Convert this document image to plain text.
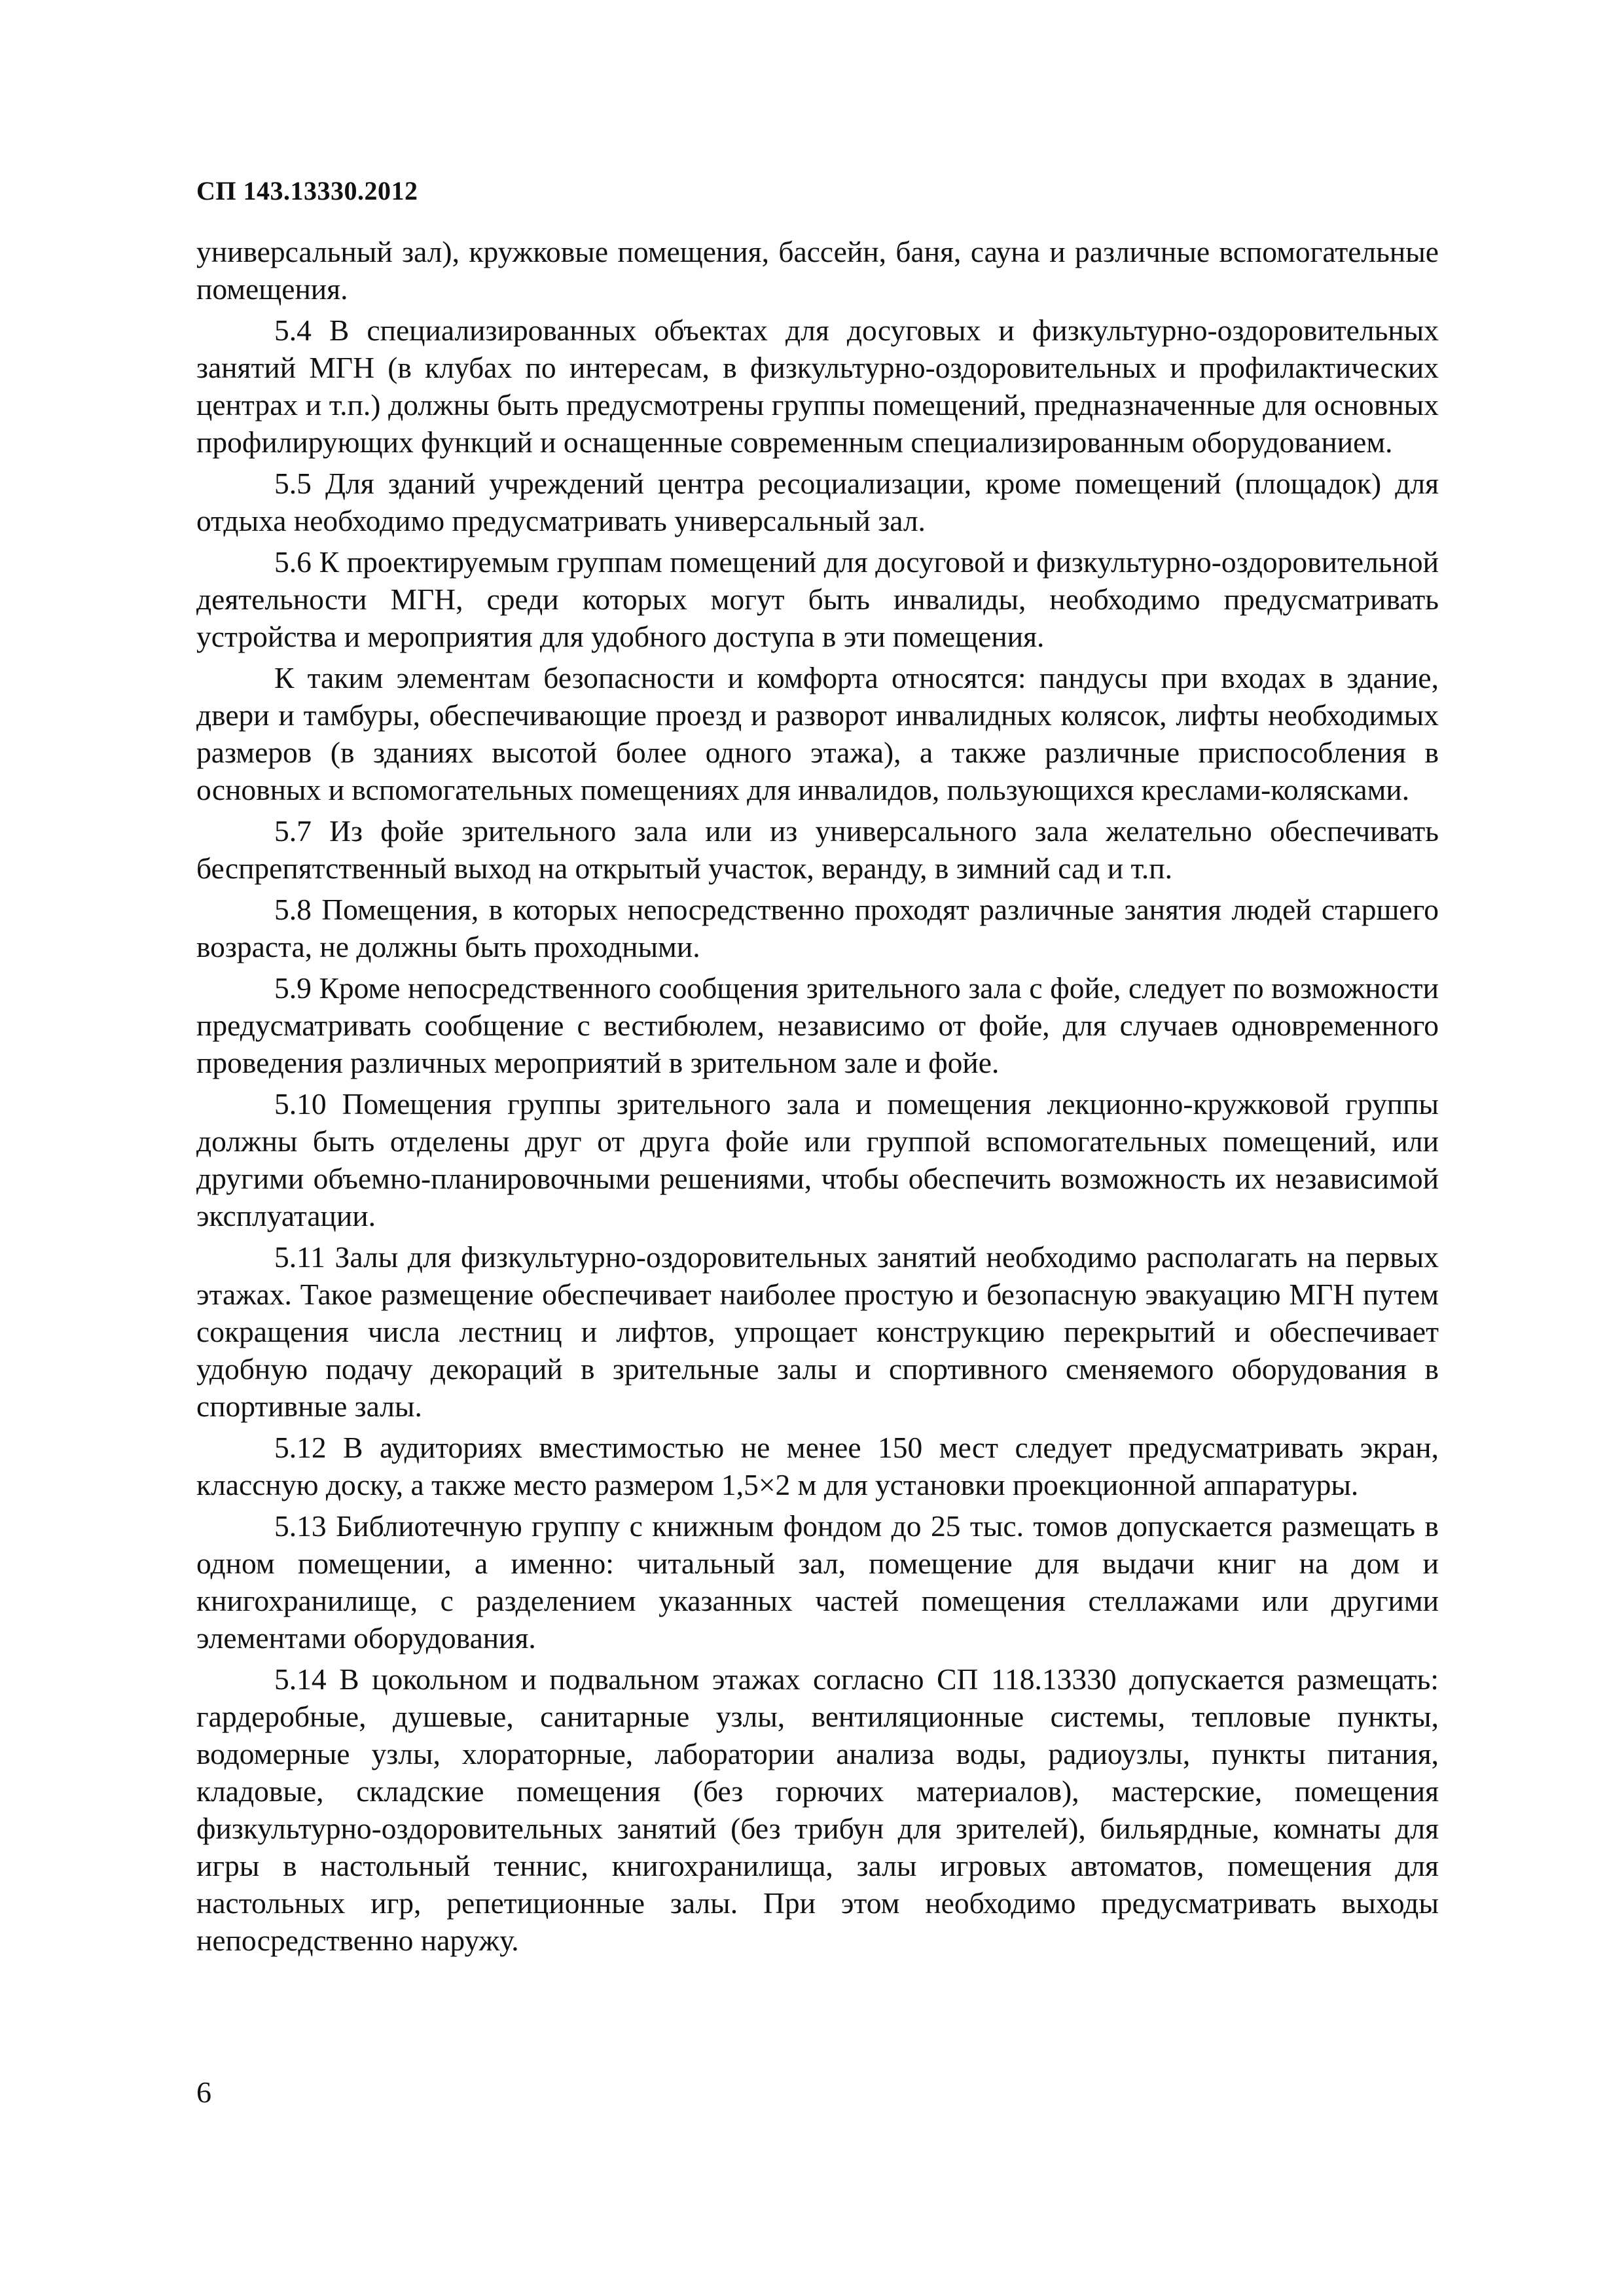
СП 143.13330.2012

универсальный зал), кружковые помещения, бассейн, баня, сауна и различные вспомогательные помещения.

5.4 В специализированных объектах для досуговых и физкультурно-оздоровительных занятий МГН (в клубах по интересам, в физкультурно-оздоровительных и профилактических центрах и т.п.) должны быть предусмотрены группы помещений, предназначенные для основных профилирующих функций и оснащенные современным специализированным оборудованием.

5.5 Для зданий учреждений центра ресоциализации, кроме помещений (площадок) для отдыха необходимо предусматривать универсальный зал.

5.6 К проектируемым группам помещений для досуговой и физкультурно-оздоровительной деятельности МГН, среди которых могут быть инвалиды, необходимо предусматривать устройства и мероприятия для удобного доступа в эти помещения.

К таким элементам безопасности и комфорта относятся: пандусы при входах в здание, двери и тамбуры, обеспечивающие проезд и разворот инвалидных колясок, лифты необходимых размеров (в зданиях высотой более одного этажа), а также различные приспособления в основных и вспомогательных помещениях для инвалидов, пользующихся креслами-колясками.

5.7 Из фойе зрительного зала или из универсального зала желательно обеспечивать беспрепятственный выход на открытый участок, веранду, в зимний сад и т.п.

5.8 Помещения, в которых непосредственно проходят различные занятия людей старшего возраста, не должны быть проходными.

5.9 Кроме непосредственного сообщения зрительного зала с фойе, следует по возможности предусматривать сообщение с вестибюлем, независимо от фойе, для случаев одновременного проведения различных мероприятий в зрительном зале и фойе.

5.10 Помещения группы зрительного зала и помещения лекционно-кружковой группы должны быть отделены друг от друга фойе или группой вспомогательных помещений, или другими объемно-планировочными решениями, чтобы обеспечить возможность их независимой эксплуатации.

5.11 Залы для физкультурно-оздоровительных занятий необходимо располагать на первых этажах. Такое размещение обеспечивает наиболее простую и безопасную эвакуацию МГН путем сокращения числа лестниц и лифтов, упрощает конструкцию перекрытий и обеспечивает удобную подачу декораций в зрительные залы и спортивного сменяемого оборудования в спортивные залы.

5.12 В аудиториях вместимостью не менее 150 мест следует предусматривать экран, классную доску, а также место размером 1,5×2 м для установки проекционной аппаратуры.

5.13 Библиотечную группу с книжным фондом до 25 тыс. томов допускается размещать в одном помещении, а именно: читальный зал, помещение для выдачи книг на дом и книгохранилище, с разделением указанных частей помещения стеллажами или другими элементами оборудования.

5.14 В цокольном и подвальном этажах согласно СП 118.13330 допускается размещать: гардеробные, душевые, санитарные узлы, вентиляционные системы, тепловые пункты, водомерные узлы, хлораторные, лаборатории анализа воды, радиоузлы, пункты питания, кладовые, складские помещения (без горючих материалов), мастерские, помещения физкультурно-оздоровительных занятий (без трибун для зрителей), бильярдные, комнаты для игры в настольный теннис, книгохранилища, залы игровых автоматов, помещения для настольных игр, репетиционные залы. При этом необходимо предусматривать выходы непосредственно наружу.

6
